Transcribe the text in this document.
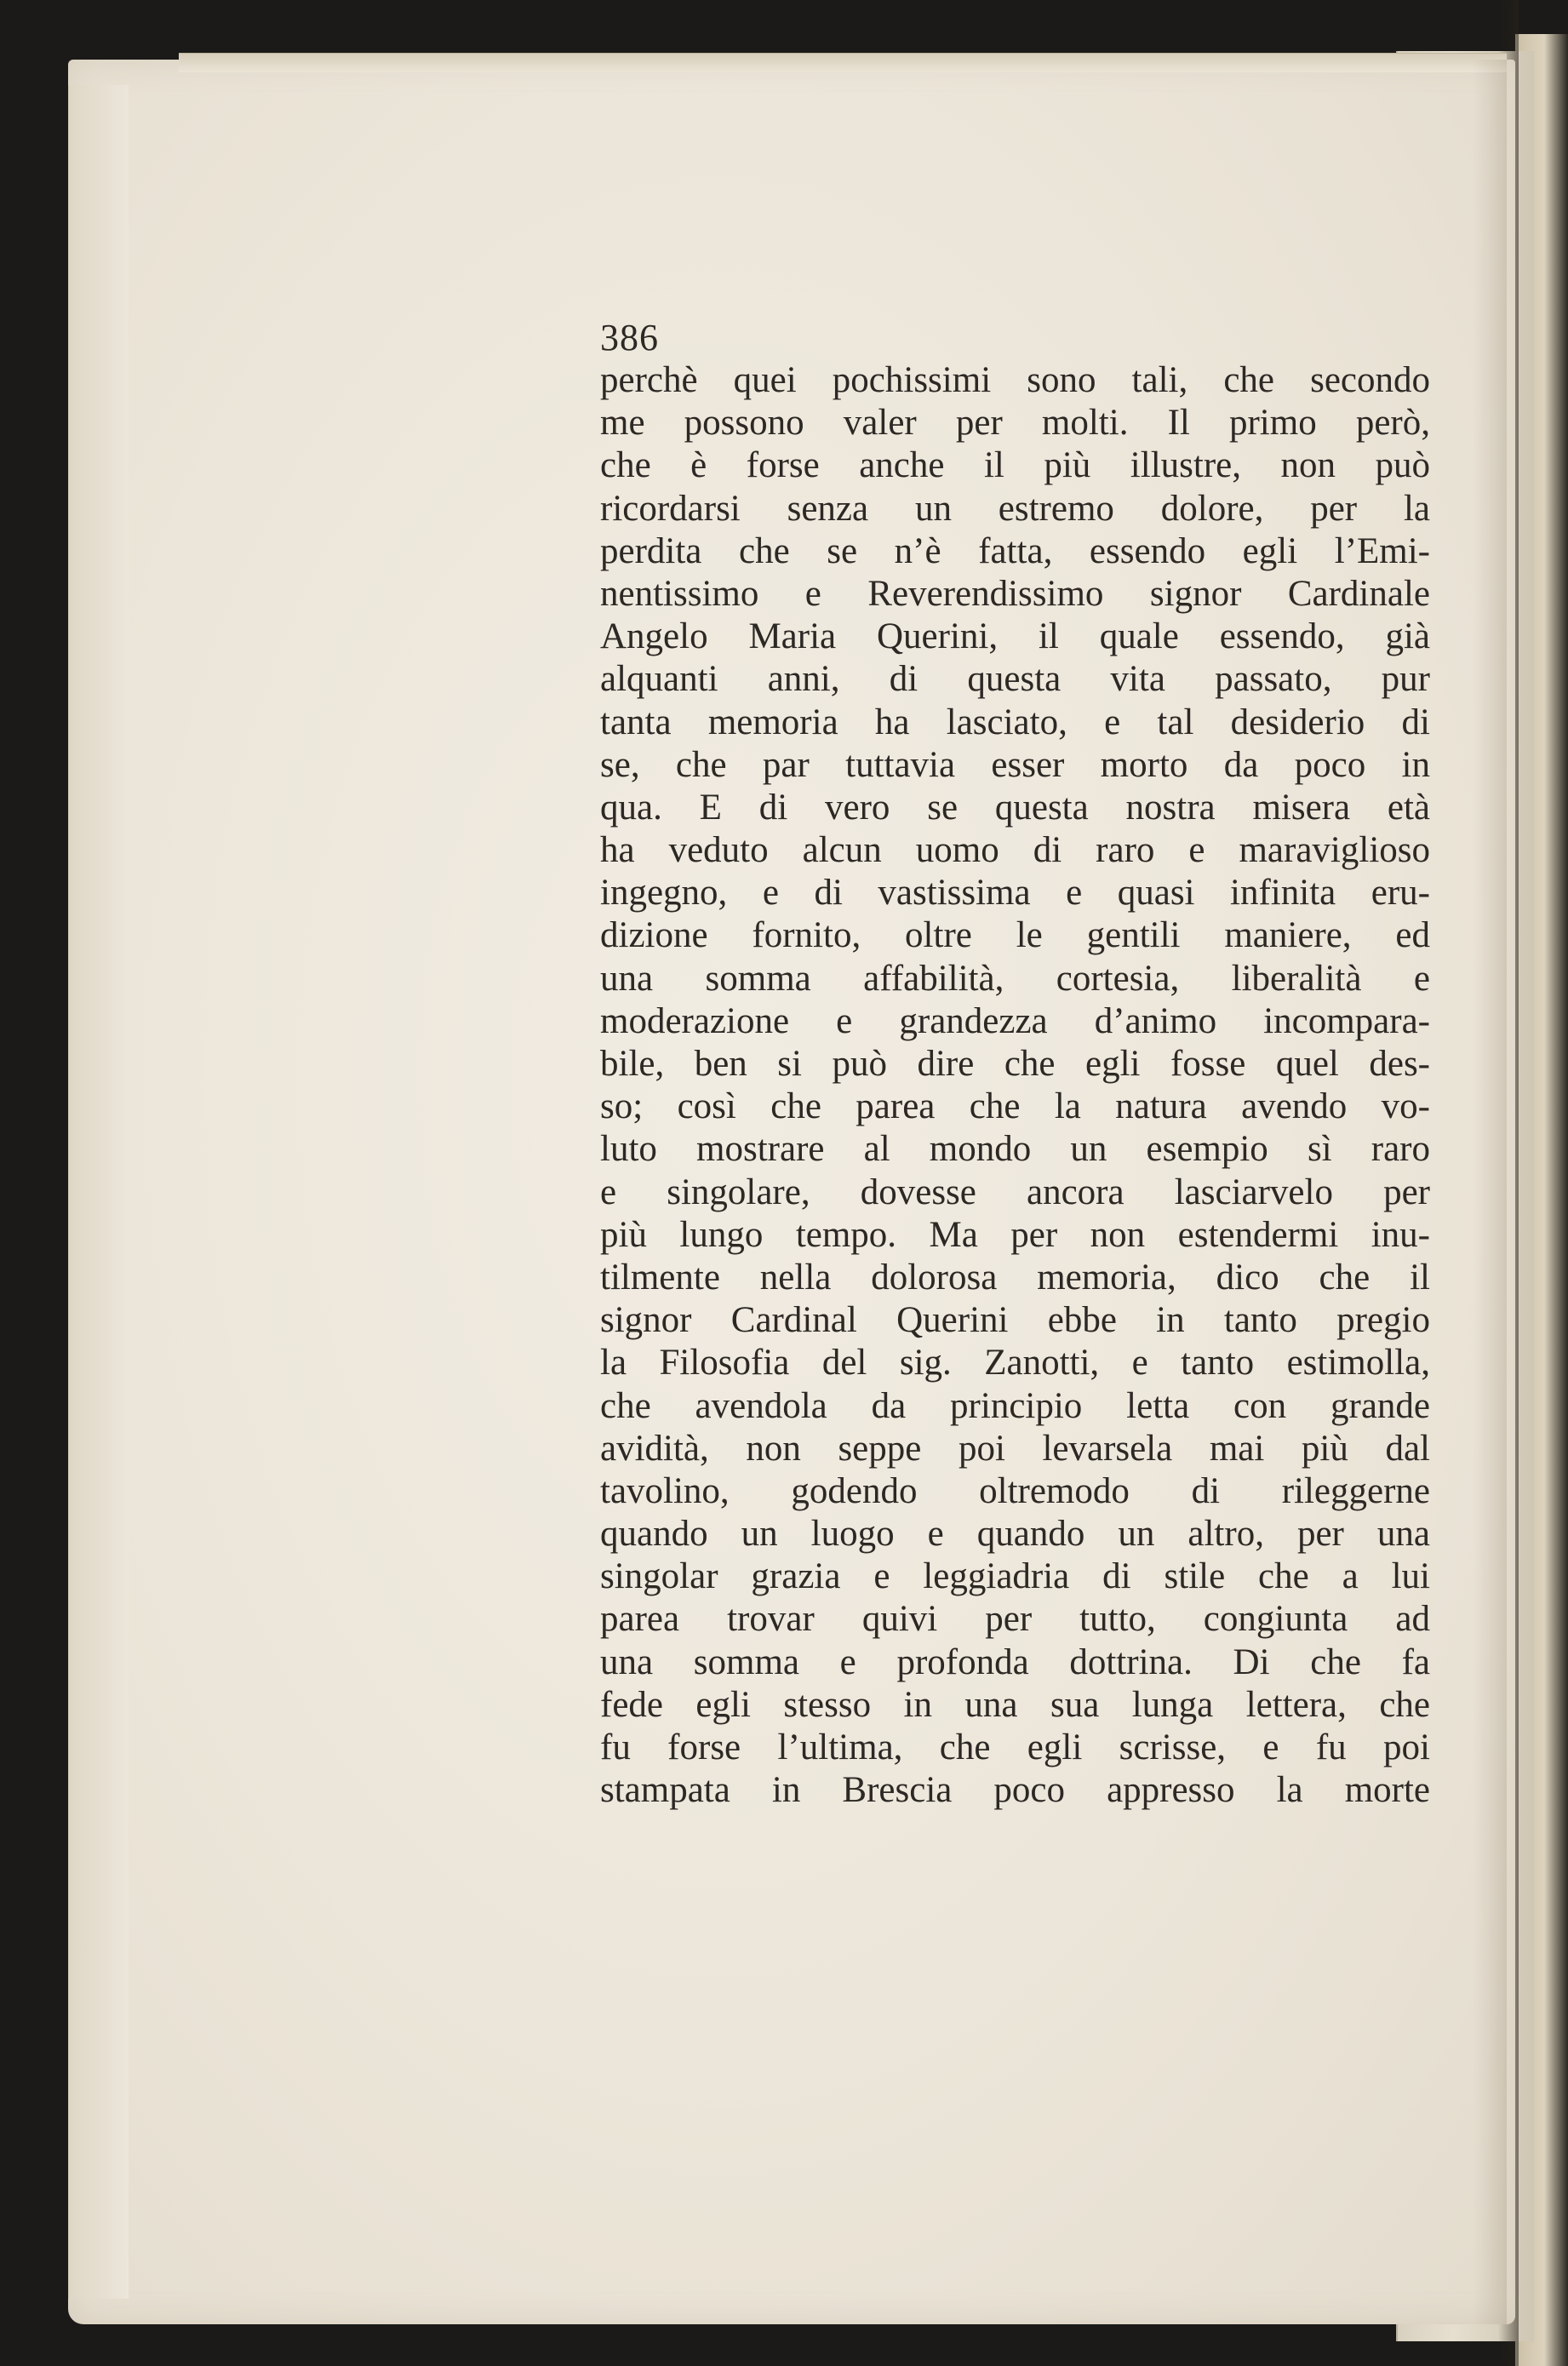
386
perchè quei pochissimi sono tali, che secondo
me possono valer per molti. Il primo però,
che è forse anche il più illustre, non può
ricordarsi senza un estremo dolore, per la
perdita che se n’è fatta, essendo egli l’Emi-
nentissimo e Reverendissimo signor Cardinale
Angelo Maria Querini, il quale essendo, già
alquanti anni, di questa vita passato, pur
tanta memoria ha lasciato, e tal desiderio di
se, che par tuttavia esser morto da poco in
qua. E di vero se questa nostra misera età
ha veduto alcun uomo di raro e maraviglioso
ingegno, e di vastissima e quasi infinita eru-
dizione fornito, oltre le gentili maniere, ed
una somma affabilità, cortesia, liberalità e
moderazione e grandezza d’animo incompara-
bile, ben si può dire che egli fosse quel des-
so; così che parea che la natura avendo vo-
luto mostrare al mondo un esempio sì raro
e singolare, dovesse ancora lasciarvelo per
più lungo tempo. Ma per non estendermi inu-
tilmente nella dolorosa memoria, dico che il
signor Cardinal Querini ebbe in tanto pregio
la Filosofia del sig. Zanotti, e tanto estimolla,
che avendola da principio letta con grande
avidità, non seppe poi levarsela mai più dal
tavolino, godendo oltremodo di rileggerne
quando un luogo e quando un altro, per una
singolar grazia e leggiadria di stile che a lui
parea trovar quivi per tutto, congiunta ad
una somma e profonda dottrina. Di che fa
fede egli stesso in una sua lunga lettera, che
fu forse l’ultima, che egli scrisse, e fu poi
stampata in Brescia poco appresso la morte
